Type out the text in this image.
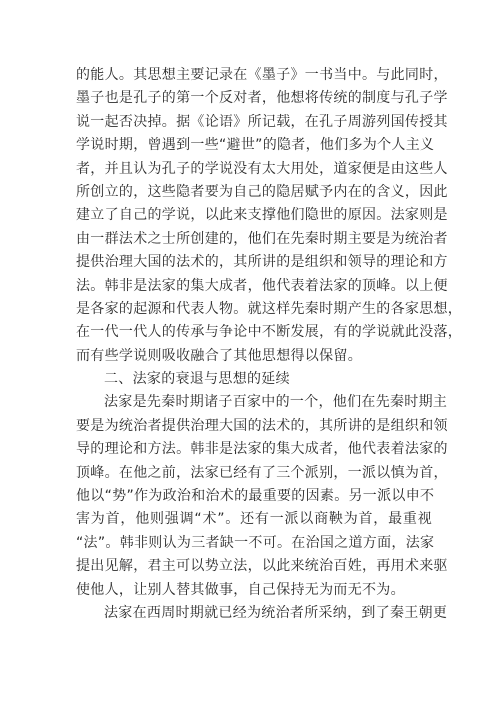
的能人。其思想主要记录在《墨子》一书当中。与此同时，
墨子也是孔子的第一个反对者，他想将传统的制度与孔子学
说一起否决掉。据《论语》所记载，在孔子周游列国传授其
学说时期，曾遇到一些“避世”的隐者，他们多为个人主义
者，并且认为孔子的学说没有太大用处，道家便是由这些人
所创立的，这些隐者要为自己的隐居赋予内在的含义，因此
建立了自己的学说，以此来支撑他们隐世的原因。法家则是
由一群法术之士所创建的，他们在先秦时期主要是为统治者
提供治理大国的法术的，其所讲的是组织和领导的理论和方
法。韩非是法家的集大成者，他代表着法家的顶峰。以上便
是各家的起源和代表人物。就这样先秦时期产生的各家思想，
在一代一代人的传承与争论中不断发展，有的学说就此没落，
而有些学说则吸收融合了其他思想得以保留。
二、法家的衰退与思想的延续
法家是先秦时期诸子百家中的一个，他们在先秦时期主
要是为统治者提供治理大国的法术的，其所讲的是组织和领
导的理论和方法。韩非是法家的集大成者，他代表着法家的
顶峰。在他之前，法家已经有了三个派别，一派以慎为首，
他以“势”作为政治和治术的最重要的因素。另一派以申不
害为首，他则强调“术”。还有一派以商鞅为首，最重视
“法”。韩非则认为三者缺一不可。在治国之道方面，法家
提出见解，君主可以势立法，以此来统治百姓，再用术来驱
使他人，让别人替其做事，自己保持无为而无不为。
法家在西周时期就已经为统治者所采纳，到了秦王朝更
